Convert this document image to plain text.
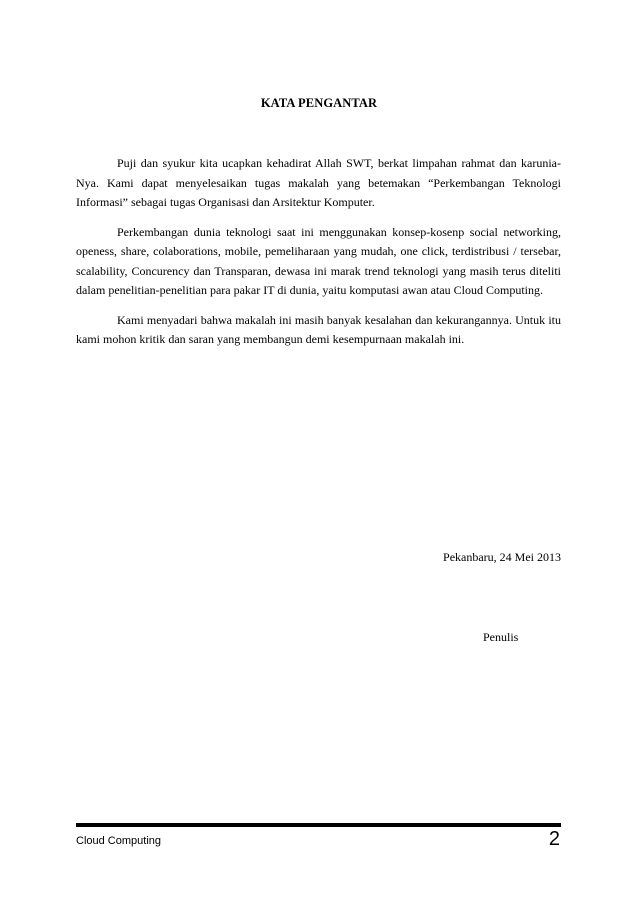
KATA PENGANTAR

Puji dan syukur kita ucapkan kehadirat Allah SWT, berkat limpahan rahmat dan karunia-Nya. Kami dapat menyelesaikan tugas makalah yang betemakan “Perkembangan Teknologi Informasi” sebagai tugas Organisasi dan Arsitektur Komputer.

Perkembangan dunia teknologi saat ini menggunakan konsep-kosenp social networking, openess, share, colaborations, mobile, pemeliharaan yang mudah, one click, terdistribusi / tersebar, scalability, Concurency dan Transparan, dewasa ini marak trend teknologi yang masih terus diteliti dalam penelitian-penelitian para pakar IT di dunia, yaitu komputasi awan atau Cloud Computing.

Kami menyadari bahwa makalah ini masih banyak kesalahan dan kekurangannya. Untuk itu kami mohon kritik dan saran yang membangun demi kesempurnaan makalah ini.

Pekanbaru, 24 Mei 2013
Penulis
Cloud Computing	2
